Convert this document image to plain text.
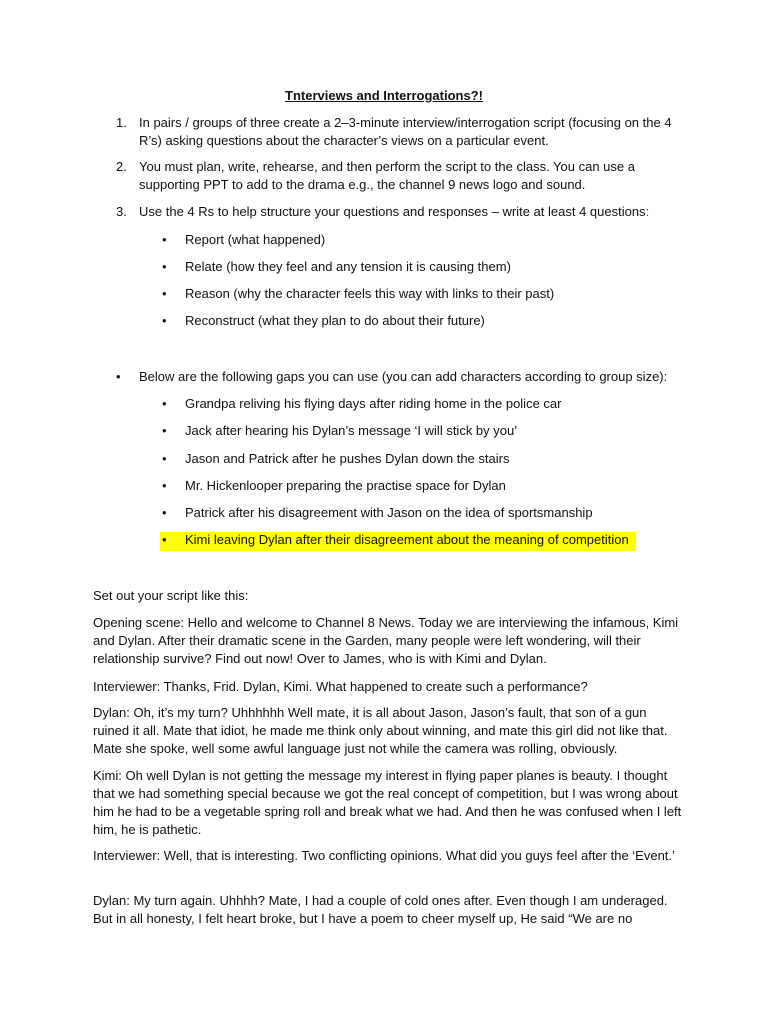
Tnterviews and Interrogations?!
1. In pairs / groups of three create a 2–3-minute interview/interrogation script (focusing on the 4 R’s) asking questions about the character’s views on a particular event.
2. You must plan, write, rehearse, and then perform the script to the class. You can use a supporting PPT to add to the drama e.g., the channel 9 news logo and sound.
3. Use the 4 Rs to help structure your questions and responses – write at least 4 questions:
• Report (what happened)
• Relate (how they feel and any tension it is causing them)
• Reason (why the character feels this way with links to their past)
• Reconstruct (what they plan to do about their future)
• Below are the following gaps you can use (you can add characters according to group size):
• Grandpa reliving his flying days after riding home in the police car
• Jack after hearing his Dylan’s message ‘I will stick by you’
• Jason and Patrick after he pushes Dylan down the stairs
• Mr. Hickenlooper preparing the practise space for Dylan
• Patrick after his disagreement with Jason on the idea of sportsmanship
• Kimi leaving Dylan after their disagreement about the meaning of competition
Set out your script like this:
Opening scene: Hello and welcome to Channel 8 News. Today we are interviewing the infamous, Kimi and Dylan. After their dramatic scene in the Garden, many people were left wondering, will their relationship survive? Find out now! Over to James, who is with Kimi and Dylan.
Interviewer: Thanks, Frid. Dylan, Kimi. What happened to create such a performance?
Dylan: Oh, it’s my turn? Uhhhhhh Well mate, it is all about Jason, Jason’s fault, that son of a gun ruined it all. Mate that idiot, he made me think only about winning, and mate this girl did not like that. Mate she spoke, well some awful language just not while the camera was rolling, obviously.
Kimi: Oh well Dylan is not getting the message my interest in flying paper planes is beauty. I thought that we had something special because we got the real concept of competition, but I was wrong about him he had to be a vegetable spring roll and break what we had. And then he was confused when I left him, he is pathetic.
Interviewer: Well, that is interesting. Two conflicting opinions. What did you guys feel after the ‘Event.’
Dylan: My turn again. Uhhhh? Mate, I had a couple of cold ones after. Even though I am underaged. But in all honesty, I felt heart broke, but I have a poem to cheer myself up, He said “We are no
